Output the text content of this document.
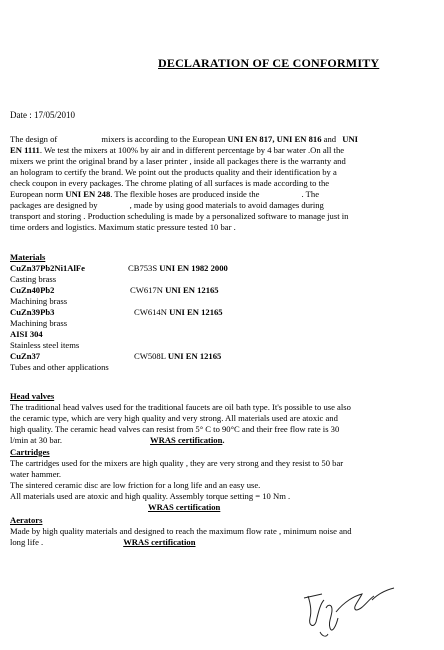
DECLARATION OF CE CONFORMITY
Date : 17/05/2010
The design of	mixers is according to the European UNI EN 817, UNI EN 816 and UNI
EN 1111. We test the mixers at 100% by air and in different percentage by 4 bar water .On all the
mixers we print the original brand by a laser printer , inside all packages there is the warranty and
an hologram to certify the brand. We point out the products quality and their identification by a
check coupon in every packages. The chrome plating of all surfaces is made according to the
European norm UNI EN 248. The flexible hoses are produced inside the	. The
packages are designed by	, made by using good materials to avoid damages during
transport and storing . Production scheduling is made by a personalized software to manage just in
time orders and logistics. Maximum static pressure tested 10 bar .
Materials
CuZn37Pb2Ni1AlFe	CB753S UNI EN 1982 2000
Casting brass
CuZn40Pb2	CW617N UNI EN 12165
Machining brass
CuZn39Pb3	CW614N UNI EN 12165
Machining brass
AISI 304
Stainless steel items
CuZn37	CW508L UNI EN 12165
Tubes and other applications
Head valves
The traditional head valves used for the traditional faucets are oil bath type. It's possible to use also
the ceramic type, which are very high quality and very strong. All materials used are atoxic and
high quality. The ceramic head valves can resist from 5° C to 90°C and their free flow rate is 30
l/min at 30 bar.	WRAS certification.
Cartridges
The cartridges used for the mixers are high quality , they are very strong and they resist to 50 bar
water hammer.
The sintered ceramic disc are low friction for a long life and an easy use.
All materials used are atoxic and high quality. Assembly torque setting = 10 Nm .
WRAS certification
Aerators
Made by high quality materials and designed to reach the maximum flow rate , minimum noise and
long life .	WRAS certification
